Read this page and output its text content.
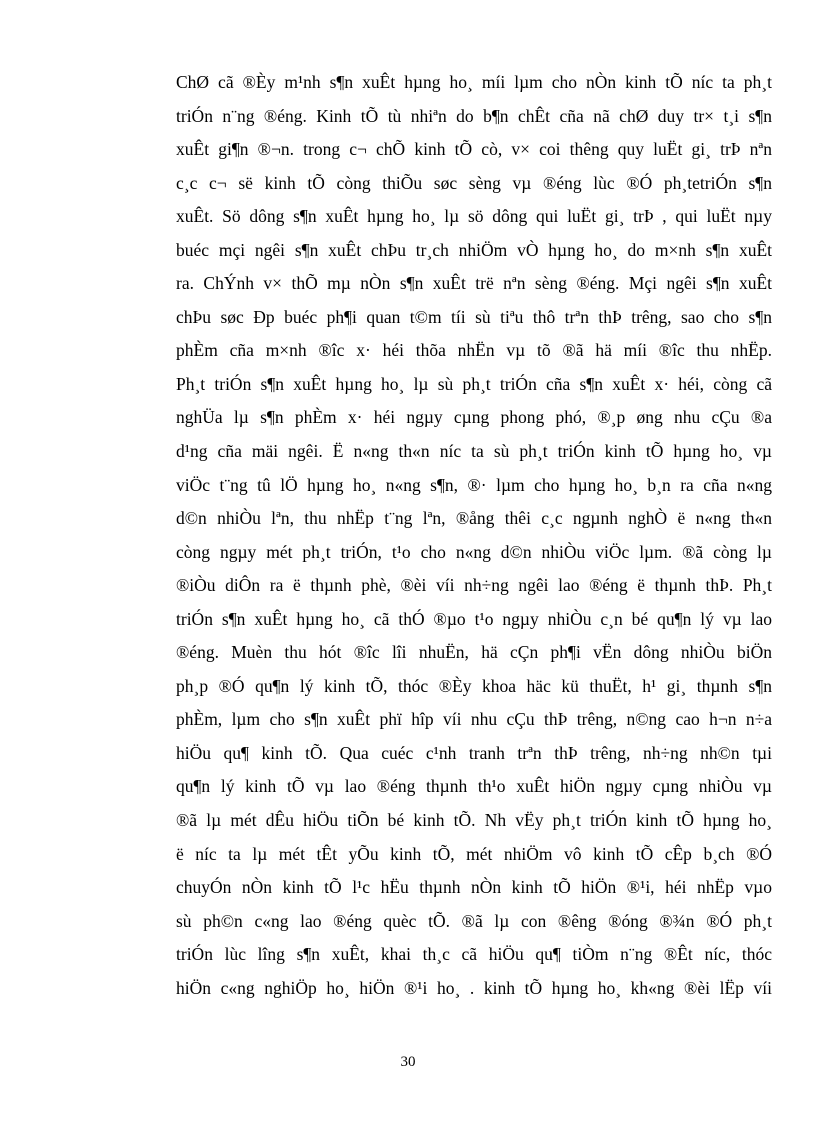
ChØ cã ®Èy m¹nh s¶n xuÊt hµng ho¸ míi lµm cho nÒn kinh tÕ níc ta ph¸t
triÓn n¨ng ®éng. Kinh tÕ tù nhiªn do b¶n chÊt cña nã chØ duy tr× t¸i s¶n
xuÊt gi¶n ®¬n. trong c¬ chÕ kinh tÕ cò, v× coi thêng quy luËt gi¸ trÞ nªn
c¸c c¬ së kinh tÕ còng thiÕu søc sèng vµ ®éng lùc ®Ó ph¸tetriÓn s¶n
xuÊt. Sö dông s¶n xuÊt hµng ho¸ lµ sö dông qui luËt gi¸ trÞ , qui luËt nµy
buéc mçi ngêi s¶n xuÊt chÞu tr¸ch nhiÖm vÒ hµng ho¸ do m×nh s¶n xuÊt
ra. ChÝnh v× thÕ mµ nÒn s¶n xuÊt trë nªn sèng ®éng. Mçi ngêi s¶n xuÊt
chÞu søc Ðp buéc ph¶i quan t©m tíi sù tiªu thô trªn thÞ trêng, sao cho s¶n
phÈm cña m×nh ®îc x· héi thõa nhËn vµ tõ ®ã hä míi ®îc thu nhËp.
Ph¸t triÓn s¶n xuÊt hµng ho¸ lµ sù ph¸t triÓn cña s¶n xuÊt x· héi, còng cã
nghÜa lµ s¶n phÈm x· héi ngµy cµng phong phó, ®¸p øng nhu cÇu ®a
d¹ng cña mäi ngêi. Ë n«ng th«n níc ta sù ph¸t triÓn kinh tÕ hµng ho¸ vµ
viÖc t¨ng tû lÖ hµng ho¸ n«ng s¶n, ®· lµm cho hµng ho¸ b¸n ra cña n«ng
d©n nhiÒu lªn, thu nhËp t¨ng lªn, ®ång thêi c¸c ngµnh nghÒ ë n«ng th«n
còng ngµy mét ph¸t triÓn, t¹o cho n«ng d©n nhiÒu viÖc lµm. ®ã còng lµ
®iÒu diÔn ra ë thµnh phè, ®èi víi nh÷ng ngêi lao ®éng ë thµnh thÞ. Ph¸t
triÓn s¶n xuÊt hµng ho¸ cã thÓ ®µo t¹o ngµy nhiÒu c¸n bé qu¶n lý vµ lao
®éng. Muèn thu hót ®îc lîi nhuËn, hä cÇn ph¶i vËn dông nhiÒu biÖn
ph¸p ®Ó qu¶n lý kinh tÕ, thóc ®Èy khoa häc kü thuËt, h¹ gi¸ thµnh s¶n
phÈm, lµm cho s¶n xuÊt phï hîp víi nhu cÇu thÞ trêng, n©ng cao h¬n n÷a
hiÖu qu¶ kinh tÕ. Qua cuéc c¹nh tranh trªn thÞ trêng, nh÷ng nh©n tµi
qu¶n lý kinh tÕ vµ lao ®éng thµnh th¹o xuÊt hiÖn ngµy cµng nhiÒu vµ
®ã lµ mét dÊu hiÖu tiÕn bé kinh tÕ. Nh vËy ph¸t triÓn kinh tÕ hµng ho¸
ë níc ta lµ mét tÊt yÕu kinh tÕ, mét nhiÖm vô kinh tÕ cÊp b¸ch ®Ó
chuyÓn nÒn kinh tÕ l¹c hËu thµnh nÒn kinh tÕ hiÖn ®¹i, héi nhËp vµo
sù ph©n c«ng lao ®éng quèc tÕ. ®ã lµ con ®êng ®óng ®¾n ®Ó ph¸t
triÓn lùc lîng s¶n xuÊt, khai th¸c cã hiÖu qu¶ tiÒm n¨ng ®Êt níc, thóc
hiÖn c«ng nghiÖp ho¸ hiÖn ®¹i ho¸ . kinh tÕ hµng ho¸ kh«ng ®èi lËp víi
30
